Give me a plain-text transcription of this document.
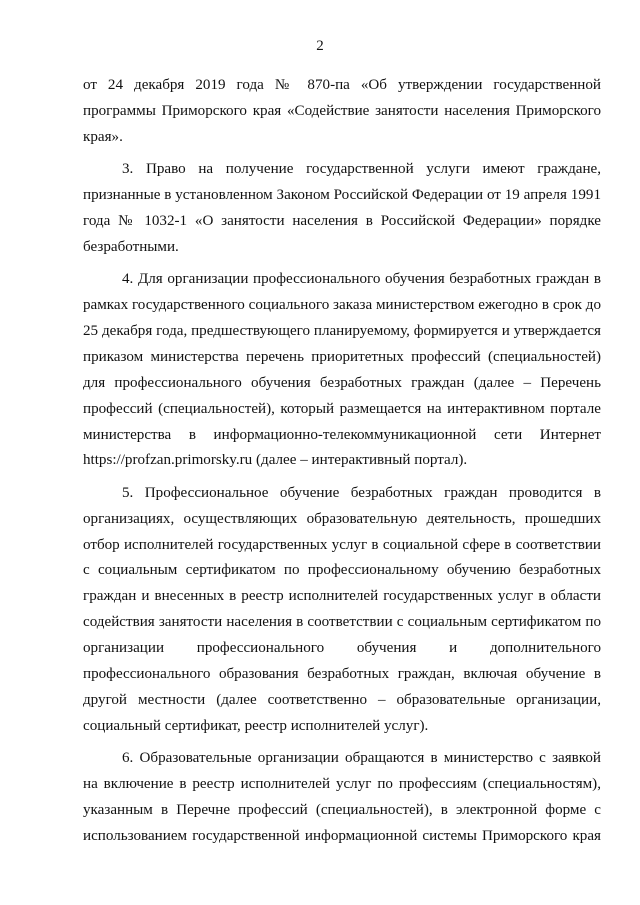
2

от 24 декабря 2019 года № 870-па «Об утверждении государственной программы Приморского края «Содействие занятости населения Приморского края».

3. Право на получение государственной услуги имеют граждане, признанные в установленном Законом Российской Федерации от 19 апреля 1991 года № 1032-1 «О занятости населения в Российской Федерации» порядке безработными.

4. Для организации профессионального обучения безработных граждан в рамках государственного социального заказа министерством ежегодно в срок до 25 декабря года, предшествующего планируемому, формируется и утверждается приказом министерства перечень приоритетных профессий (специальностей) для профессионального обучения безработных граждан (далее – Перечень профессий (специальностей), который размещается на интерактивном портале министерства в информационно-телекоммуникационной сети Интернет https://profzan.primorsky.ru (далее – интерактивный портал).

5. Профессиональное обучение безработных граждан проводится в организациях, осуществляющих образовательную деятельность, прошедших отбор исполнителей государственных услуг в социальной сфере в соответствии с социальным сертификатом по профессиональному обучению безработных граждан и внесенных в реестр исполнителей государственных услуг в области содействия занятости населения в соответствии с социальным сертификатом по организации профессионального обучения и дополнительного профессионального образования безработных граждан, включая обучение в другой местности (далее соответственно – образовательные организации, социальный сертификат, реестр исполнителей услуг).

6. Образовательные организации обращаются в министерство с заявкой на включение в реестр исполнителей услуг по профессиям (специальностям), указанным в Перечне профессий (специальностей), в электронной форме с использованием государственной информационной системы Приморского края
